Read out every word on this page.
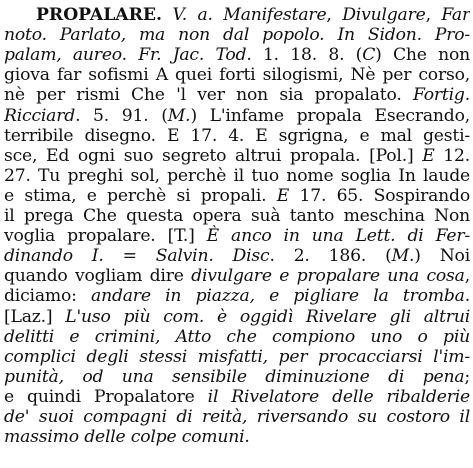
PROPALARE. V. a. Manifestare, Divulgare, Far
noto. Parlato, ma non dal popolo. In Sidon. Pro-
palam, aureo. Fr. Jac. Tod. 1. 18. 8. (C) Che non
giova far sofismi A quei forti silogismi, Nè per corso,
nè per rismi Che 'l ver non sia propalato. Fortig.
Ricciard. 5. 91. (M.) L'infame propala Esecrando,
terribile disegno. E 17. 4. E sgrigna, e mal gesti-
sce, Ed ogni suo segreto altrui propala. [Pol.] E 12.
27. Tu preghi sol, perchè il tuo nome soglia In laude
e stima, e perchè si propali. E 17. 65. Sospirando
il prega Che questa opera suà tanto meschina Non
voglia propalare. [T.] È anco in una Lett. di Fer-
dinando I. = Salvin. Disc. 2. 186. (M.) Noi
quando vogliam dire divulgare e propalare una cosa,
diciamo: andare in piazza, e pigliare la tromba.
[Laz.] L'uso più com. è oggidì Rivelare gli altrui
delitti e crimini, Atto che compiono uno o più
complici degli stessi misfatti, per procacciarsi l'im-
punità, od una sensibile diminuzione di pena;
e quindi Propalatore il Rivelatore delle ribalderie
de' suoi compagni di reità, riversando su costoro il
massimo delle colpe comuni.
